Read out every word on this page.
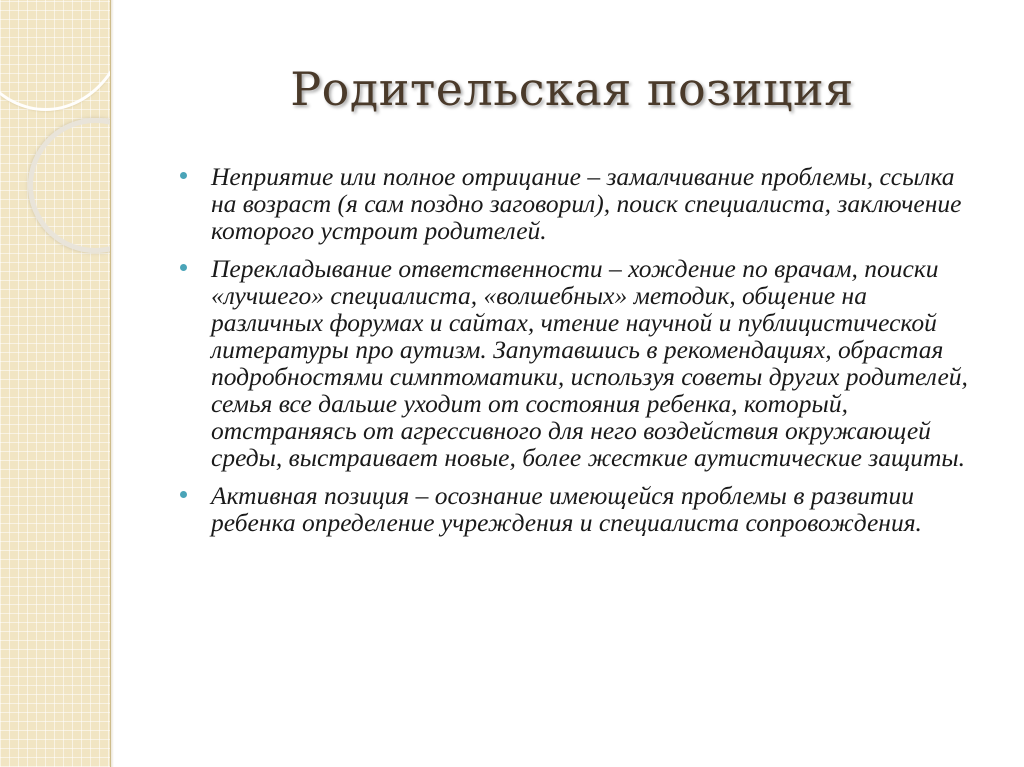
Родительская позиция
Неприятие или полное отрицание – замалчивание проблемы, ссылка на возраст (я сам поздно заговорил), поиск специалиста, заключение которого устроит родителей.
Перекладывание ответственности – хождение по врачам, поиски «лучшего» специалиста, «волшебных» методик, общение на различных форумах и сайтах, чтение научной и публицистической литературы про аутизм. Запутавшись в рекомендациях, обрастая подробностями симптоматики, используя советы других родителей, семья все дальше уходит от состояния ребенка, который, отстраняясь от агрессивного для него воздействия окружающей среды, выстраивает новые, более жесткие аутистические защиты.
Активная позиция – осознание имеющейся проблемы в развитии ребенка определение учреждения и специалиста сопровождения.
